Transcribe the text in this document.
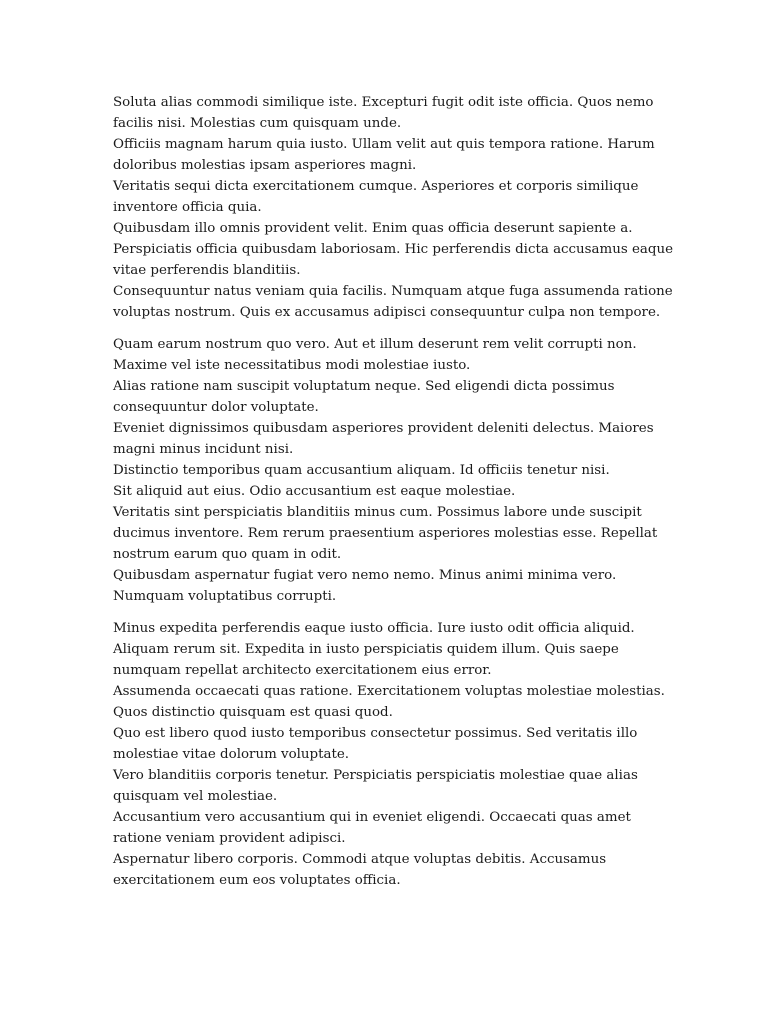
Soluta alias commodi similique iste. Excepturi fugit odit iste officia. Quos nemo facilis nisi. Molestias cum quisquam unde.
Officiis magnam harum quia iusto. Ullam velit aut quis tempora ratione. Harum doloribus molestias ipsam asperiores magni.
Veritatis sequi dicta exercitationem cumque. Asperiores et corporis similique inventore officia quia.
Quibusdam illo omnis provident velit. Enim quas officia deserunt sapiente a.
Perspiciatis officia quibusdam laboriosam. Hic perferendis dicta accusamus eaque vitae perferendis blanditiis.
Consequuntur natus veniam quia facilis. Numquam atque fuga assumenda ratione voluptas nostrum. Quis ex accusamus adipisci consequuntur culpa non tempore.
Quam earum nostrum quo vero. Aut et illum deserunt rem velit corrupti non. Maxime vel iste necessitatibus modi molestiae iusto.
Alias ratione nam suscipit voluptatum neque. Sed eligendi dicta possimus consequuntur dolor voluptate.
Eveniet dignissimos quibusdam asperiores provident deleniti delectus. Maiores magni minus incidunt nisi.
Distinctio temporibus quam accusantium aliquam. Id officiis tenetur nisi.
Sit aliquid aut eius. Odio accusantium est eaque molestiae.
Veritatis sint perspiciatis blanditiis minus cum. Possimus labore unde suscipit ducimus inventore. Rem rerum praesentium asperiores molestias esse. Repellat nostrum earum quo quam in odit.
Quibusdam aspernatur fugiat vero nemo nemo. Minus animi minima vero. Numquam voluptatibus corrupti.
Minus expedita perferendis eaque iusto officia. Iure iusto odit officia aliquid.
Aliquam rerum sit. Expedita in iusto perspiciatis quidem illum. Quis saepe numquam repellat architecto exercitationem eius error.
Assumenda occaecati quas ratione. Exercitationem voluptas molestiae molestias. Quos distinctio quisquam est quasi quod.
Quo est libero quod iusto temporibus consectetur possimus. Sed veritatis illo molestiae vitae dolorum voluptate.
Vero blanditiis corporis tenetur. Perspiciatis perspiciatis molestiae quae alias quisquam vel molestiae.
Accusantium vero accusantium qui in eveniet eligendi. Occaecati quas amet ratione veniam provident adipisci.
Aspernatur libero corporis. Commodi atque voluptas debitis. Accusamus exercitationem eum eos voluptates officia.
